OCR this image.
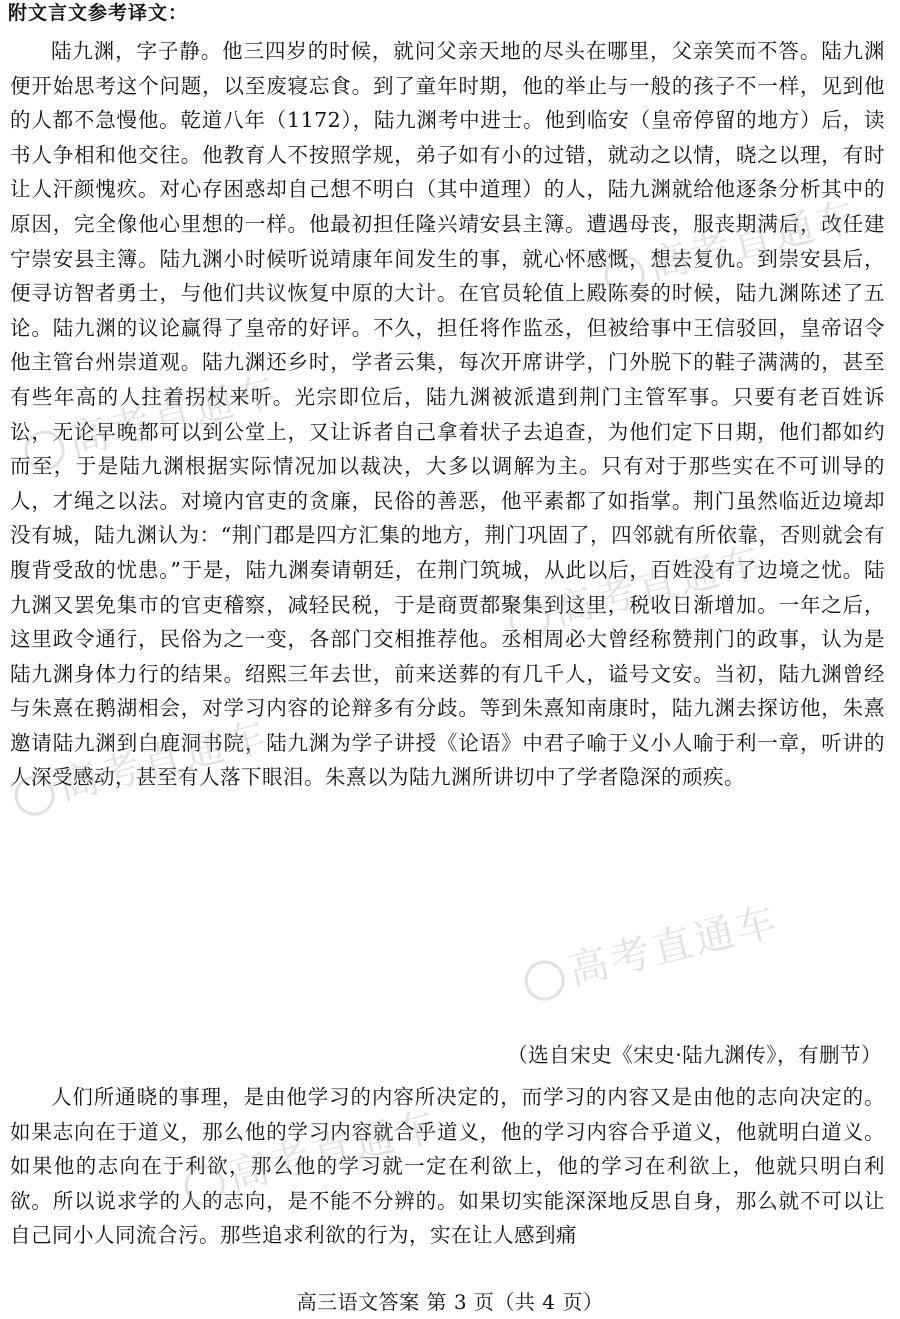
附文言文参考译文：

陆九渊，字子静。他三四岁的时候，就问父亲天地的尽头在哪里，父亲笑而不答。陆九渊便开始思考这个问题，以至废寝忘食。到了童年时期，他的举止与一般的孩子不一样，见到他的人都不急慢他。乾道八年（1172），陆九渊考中进士。他到临安（皇帝停留的地方）后，读书人争相和他交往。他教育人不按照学规，弟子如有小的过错，就动之以情，晓之以理，有时让人汗颜愧疚。对心存困惑却自己想不明白（其中道理）的人，陆九渊就给他逐条分析其中的原因，完全像他心里想的一样。他最初担任隆兴靖安县主簿。遭遇母丧，服丧期满后，改任建宁崇安县主簿。陆九渊小时候听说靖康年间发生的事，就心怀感慨，想去复仇。到崇安县后，便寻访智者勇士，与他们共议恢复中原的大计。在官员轮值上殿陈奏的时候，陆九渊陈述了五论。陆九渊的议论赢得了皇帝的好评。不久，担任将作监丞，但被给事中王信驳回，皇帝诏令他主管台州崇道观。陆九渊还乡时，学者云集，每次开席讲学，门外脱下的鞋子满满的，甚至有些年高的人拄着拐杖来听。光宗即位后，陆九渊被派遣到荆门主管军事。只要有老百姓诉讼，无论早晚都可以到公堂上，又让诉者自己拿着状子去追查，为他们定下日期，他们都如约而至，于是陆九渊根据实际情况加以裁决，大多以调解为主。只有对于那些实在不可训导的人，才绳之以法。对境内官吏的贪廉，民俗的善恶，他平素都了如指掌。荆门虽然临近边境却没有城，陆九渊认为：“荆门郡是四方汇集的地方，荆门巩固了，四邻就有所依靠，否则就会有腹背受敌的忧患。”于是，陆九渊奏请朝廷，在荆门筑城，从此以后，百姓没有了边境之忧。陆九渊又罢免集市的官吏稽察，减轻民税，于是商贾都聚集到这里，税收日渐增加。一年之后，这里政令通行，民俗为之一变，各部门交相推荐他。丞相周必大曾经称赞荆门的政事，认为是陆九渊身体力行的结果。绍熙三年去世，前来送葬的有几千人，谥号文安。当初，陆九渊曾经与朱熹在鹅湖相会，对学习内容的论辩多有分歧。等到朱熹知南康时，陆九渊去探访他，朱熹邀请陆九渊到白鹿洞书院，陆九渊为学子讲授《论语》中君子喻于义小人喻于利一章，听讲的人深受感动，甚至有人落下眼泪。朱熹以为陆九渊所讲切中了学者隐深的顽疾。

（选自宋史《宋史·陆九渊传》，有删节）

人们所通晓的事理，是由他学习的内容所决定的，而学习的内容又是由他的志向决定的。如果志向在于道义，那么他的学习内容就合乎道义，他的学习内容合乎道义，他就明白道义。如果他的志向在于利欲，那么他的学习就一定在利欲上，他的学习在利欲上，他就只明白利欲。所以说求学的人的志向，是不能不分辨的。如果切实能深深地反思自身，那么就不可以让自己同小人同流合污。那些追求利欲的行为，实在让人感到痛

高三语文答案 第 3 页（共 4 页）
高考直通车
高考直通车
高考直通车
高考直通车
高考直通车
高考直通车
